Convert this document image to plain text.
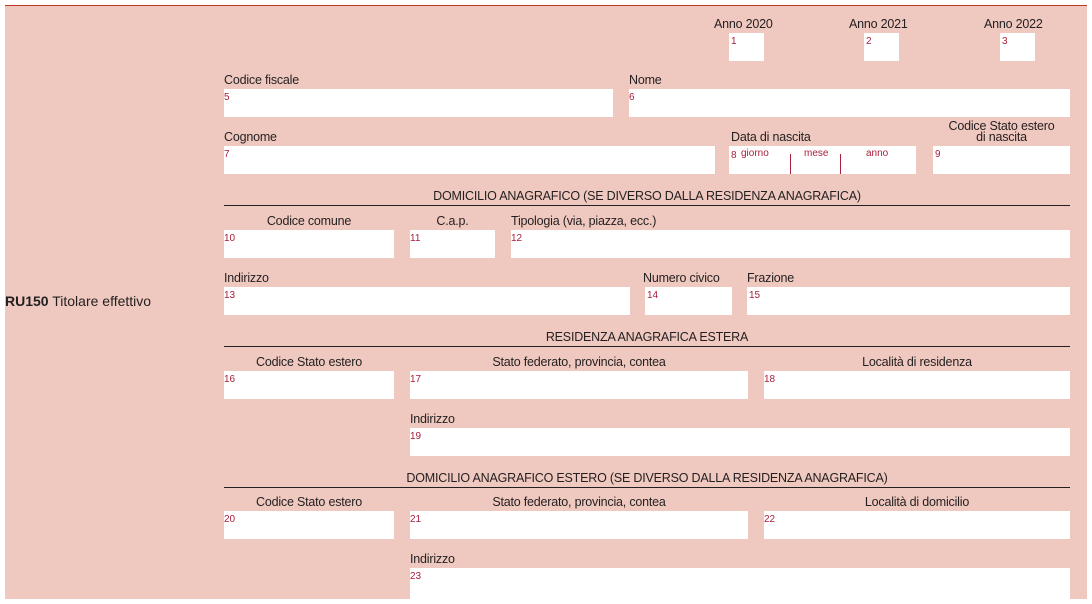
RU150 Titolare effettivo
Anno 2020
1
Anno 2021
2
Anno 2022
3
Codice fiscale
5
Nome
6
Cognome
7
Data di nascita
8 giorno	mese	anno
Codice Stato estero
di nascita
9
DOMICILIO ANAGRAFICO (SE DIVERSO DALLA RESIDENZA ANAGRAFICA)
Codice comune
10
C.a.p.
11
Tipologia (via, piazza, ecc.)
12
Indirizzo
13
Numero civico
14
Frazione
15
RESIDENZA ANAGRAFICA ESTERA
Codice Stato estero
16
Stato federato, provincia, contea
17
Località di residenza
18
Indirizzo
19
DOMICILIO ANAGRAFICO ESTERO (SE DIVERSO DALLA RESIDENZA ANAGRAFICA)
Codice Stato estero
20
Stato federato, provincia, contea
21
Località di domicilio
22
Indirizzo
23
